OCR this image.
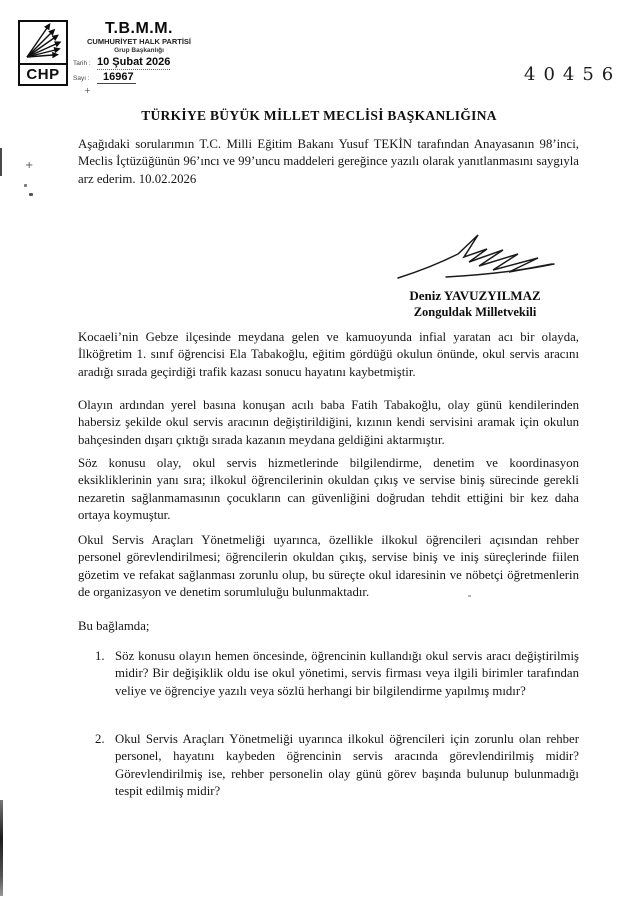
CHP
T.B.M.M.
CUMHURİYET HALK PARTİSİ
Grup Başkanlığı
Tarih : 10 Şubat 2026
Sayı :	16967	40456
TÜRKİYE BÜYÜK MİLLET MECLİSİ BAŞKANLIĞINA

Aşağıdaki sorularımın T.C. Milli Eğitim Bakanı Yusuf TEKİN tarafından Anayasanın 98’inci, Meclis İçtüzüğünün 96’ıncı ve 99’uncu maddeleri gereğince yazılı olarak yanıtlanmasını saygıyla arz ederim. 10.02.2026

Deniz YAVUZYILMAZ
Zonguldak Milletvekili

Kocaeli’nin Gebze ilçesinde meydana gelen ve kamuoyunda infial yaratan acı bir olayda, İlköğretim 1. sınıf öğrencisi Ela Tabakoğlu, eğitim gördüğü okulun önünde, okul servis aracını aradığı sırada geçirdiği trafik kazası sonucu hayatını kaybetmiştir.

Olayın ardından yerel basına konuşan acılı baba Fatih Tabakoğlu, olay günü kendilerinden habersiz şekilde okul servis aracının değiştirildiğini, kızının kendi servisini aramak için okulun bahçesinden dışarı çıktığı sırada kazanın meydana geldiğini aktarmıştır.

Söz konusu olay, okul servis hizmetlerinde bilgilendirme, denetim ve koordinasyon eksikliklerinin yanı sıra; ilkokul öğrencilerinin okuldan çıkış ve servise biniş sürecinde gerekli nezaretin sağlanmamasının çocukların can güvenliğini doğrudan tehdit ettiğini bir kez daha ortaya koymuştur.

Okul Servis Araçları Yönetmeliği uyarınca, özellikle ilkokul öğrencileri açısından rehber personel görevlendirilmesi; öğrencilerin okuldan çıkış, servise biniş ve iniş süreçlerinde fiilen gözetim ve refakat sağlanması zorunlu olup, bu süreçte okul idaresinin ve nöbetçi öğretmenlerin de organizasyon ve denetim sorumluluğu bulunmaktadır.

Bu bağlamda;

1. Söz konusu olayın hemen öncesinde, öğrencinin kullandığı okul servis aracı değiştirilmiş midir? Bir değişiklik oldu ise okul yönetimi, servis firması veya ilgili birimler tarafından veliye ve öğrenciye yazılı veya sözlü herhangi bir bilgilendirme yapılmış mıdır?
2. Okul Servis Araçları Yönetmeliği uyarınca ilkokul öğrencileri için zorunlu olan rehber personel, hayatını kaybeden öğrencinin servis aracında görevlendirilmiş midir? Görevlendirilmiş ise, rehber personelin olay günü görev başında bulunup bulunmadığı tespit edilmiş midir?
+
+
